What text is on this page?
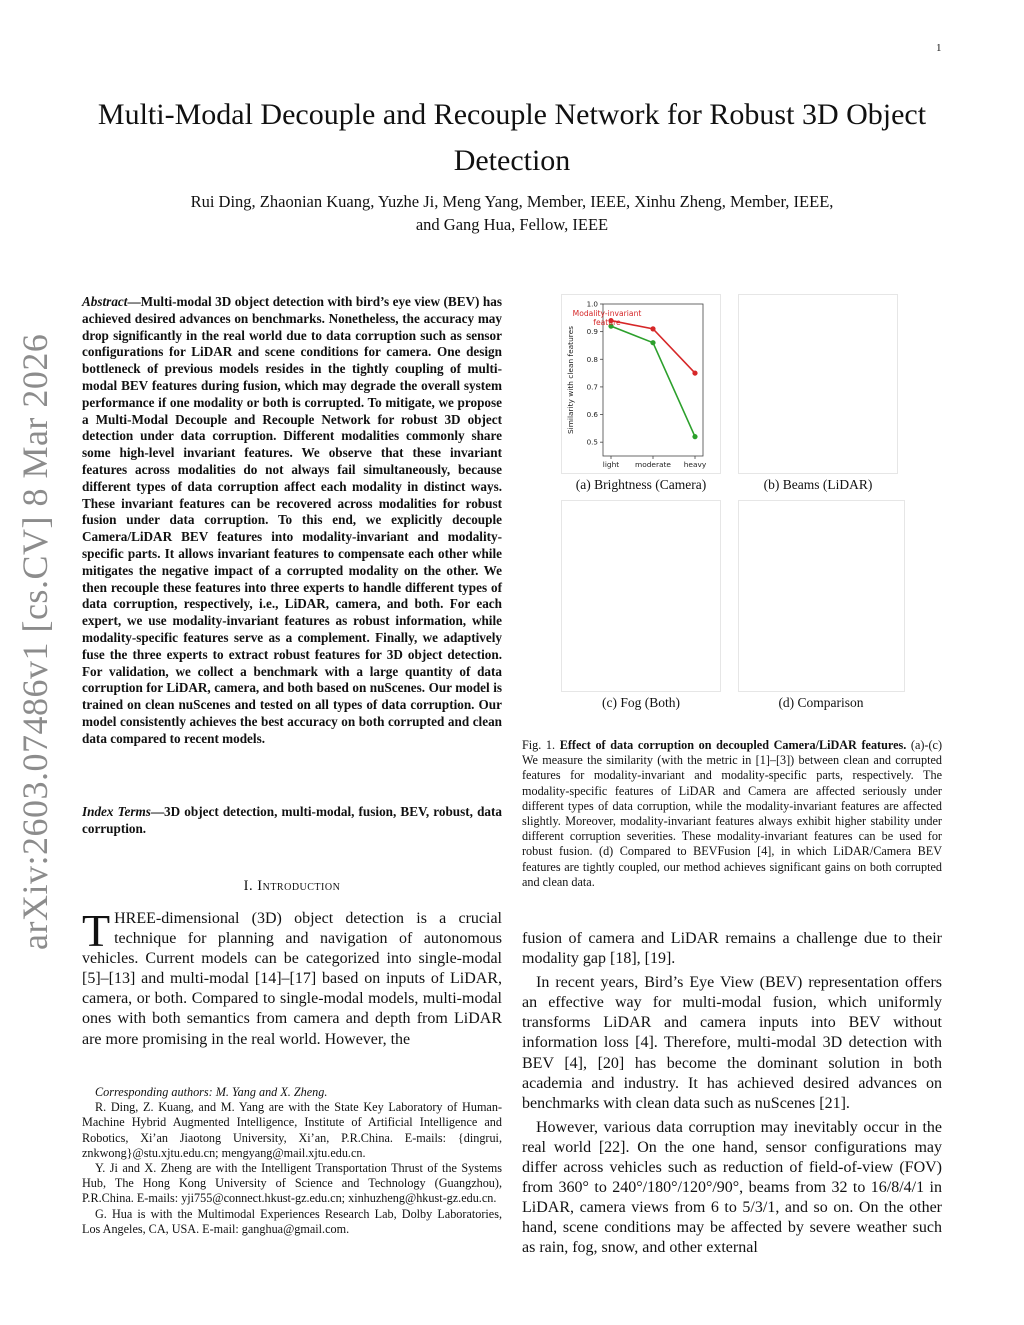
1
arXiv:2603.07486v1 [cs.CV] 8 Mar 2026
Multi-Modal Decouple and Recouple Network for Robust 3D Object Detection

Rui Ding, Zhaonian Kuang, Yuzhe Ji, Meng Yang, Member, IEEE, Xinhu Zheng, Member, IEEE,

and Gang Hua, Fellow, IEEE

Abstract—Multi-modal 3D object detection with bird’s eye view (BEV) has achieved desired advances on benchmarks. Nonetheless, the accuracy may drop significantly in the real world due to data corruption such as sensor configurations for LiDAR and scene conditions for camera. One design bottleneck of previous models resides in the tightly coupling of multi-modal BEV features during fusion, which may degrade the overall system performance if one modality or both is corrupted. To mitigate, we propose a Multi-Modal Decouple and Recouple Network for robust 3D object detection under data corruption. Different modalities commonly share some high-level invariant features. We observe that these invariant features across modalities do not always fail simultaneously, because different types of data corruption affect each modality in distinct ways. These invariant features can be recovered across modalities for robust fusion under data corruption. To this end, we explicitly decouple Camera/LiDAR BEV features into modality-invariant and modality-specific parts. It allows invariant features to compensate each other while mitigates the negative impact of a corrupted modality on the other. We then recouple these features into three experts to handle different types of data corruption, respectively, i.e., LiDAR, camera, and both. For each expert, we use modality-invariant features as robust information, while modality-specific features serve as a complement. Finally, we adaptively fuse the three experts to extract robust features for 3D object detection. For validation, we collect a benchmark with a large quantity of data corruption for LiDAR, camera, and both based on nuScenes. Our model is trained on clean nuScenes and tested on all types of data corruption. Our model consistently achieves the best accuracy on both corrupted and clean data compared to recent models.

Index Terms—3D object detection, multi-modal, fusion, BEV, robust, data corruption.

I. Introduction

THREE-dimensional (3D) object detection is a crucial technique for planning and navigation of autonomous vehicles. Current models can be categorized into single-modal [5]–[13] and multi-modal [14]–[17] based on inputs of LiDAR, camera, or both. Compared to single-modal models, multi-modal ones with both semantics from camera and depth from LiDAR are more promising in the real world. However, the

Corresponding authors: M. Yang and X. Zheng.

R. Ding, Z. Kuang, and M. Yang are with the State Key Laboratory of Human-Machine Hybrid Augmented Intelligence, Institute of Artificial Intelligence and Robotics, Xi’an Jiaotong University, Xi’an, P.R.China. E-mails: {dingrui, znkwong}@stu.xjtu.edu.cn; mengyang@mail.xjtu.edu.cn.

Y. Ji and X. Zheng are with the Intelligent Transportation Thrust of the Systems Hub, The Hong Kong University of Science and Technology (Guangzhou), P.R.China. E-mails: yji755@connect.hkust-gz.edu.cn; xinhuzheng@hkust-gz.edu.cn.

G. Hua is with the Multimodal Experiences Research Lab, Dolby Laboratories, Los Angeles, CA, USA. E-mail: ganghua@gmail.com.

1.0
0.9
0.8
0.7
0.6
0.5
light moderate heavy
Similarity with clean features
Modality-invariant
feature
(a) Brightness (Camera)	(b) Beams (LiDAR)
(c) Fog (Both)	(d) Comparison

Fig. 1. Effect of data corruption on decoupled Camera/LiDAR features. (a)-(c) We measure the similarity (with the metric in [1]–[3]) between clean and corrupted features for modality-invariant and modality-specific parts, respectively. The modality-specific features of LiDAR and Camera are affected seriously under different types of data corruption, while the modality-invariant features are affected slightly. Moreover, modality-invariant features always exhibit higher stability under different corruption severities. These modality-invariant features can be used for robust fusion. (d) Compared to BEVFusion [4], in which LiDAR/Camera BEV features are tightly coupled, our method achieves significant gains on both corrupted and clean data.

fusion of camera and LiDAR remains a challenge due to their modality gap [18], [19].

In recent years, Bird’s Eye View (BEV) representation offers an effective way for multi-modal fusion, which uniformly transforms LiDAR and camera inputs into BEV without information loss [4]. Therefore, multi-modal 3D detection with BEV [4], [20] has become the dominant solution in both academia and industry. It has achieved desired advances on benchmarks with clean data such as nuScenes [21].

However, various data corruption may inevitably occur in the real world [22]. On the one hand, sensor configurations may differ across vehicles such as reduction of field-of-view (FOV) from 360° to 240°/180°/120°/90°, beams from 32 to 16/8/4/1 in LiDAR, camera views from 6 to 5/3/1, and so on. On the other hand, scene conditions may be affected by severe weather such as rain, fog, snow, and other external
